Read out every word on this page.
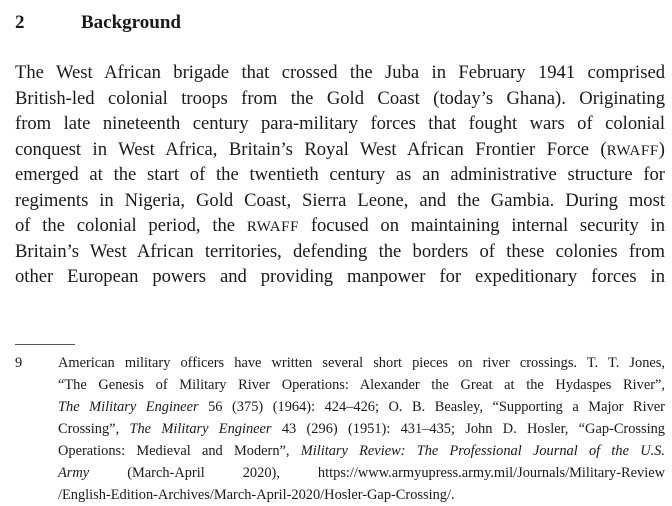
2	Background
The West African brigade that crossed the Juba in February 1941 comprised
British-led colonial troops from the Gold Coast (today’s Ghana). Originating
from late nineteenth century para-military forces that fought wars of colonial
conquest in West Africa, Britain’s Royal West African Frontier Force (RWAFF)
emerged at the start of the twentieth century as an administrative structure for
regiments in Nigeria, Gold Coast, Sierra Leone, and the Gambia. During most
of the colonial period, the RWAFF focused on maintaining internal security in
Britain’s West African territories, defending the borders of these colonies from
other European powers and providing manpower for expeditionary forces in
9 American military officers have written several short pieces on river crossings. T. T. Jones,
“The Genesis of Military River Operations: Alexander the Great at the Hydaspes River”,
The Military Engineer 56 (375) (1964): 424–426; O. B. Beasley, “Supporting a Major River
Crossing”, The Military Engineer 43 (296) (1951): 431–435; John D. Hosler, “Gap-Crossing
Operations: Medieval and Modern”, Military Review: The Professional Journal of the U.S.
Army	(March-April 2020), https://www.armyupress.army.mil/Journals/Military-Review
/English-Edition-Archives/March-April-2020/Hosler-Gap-Crossing/.
